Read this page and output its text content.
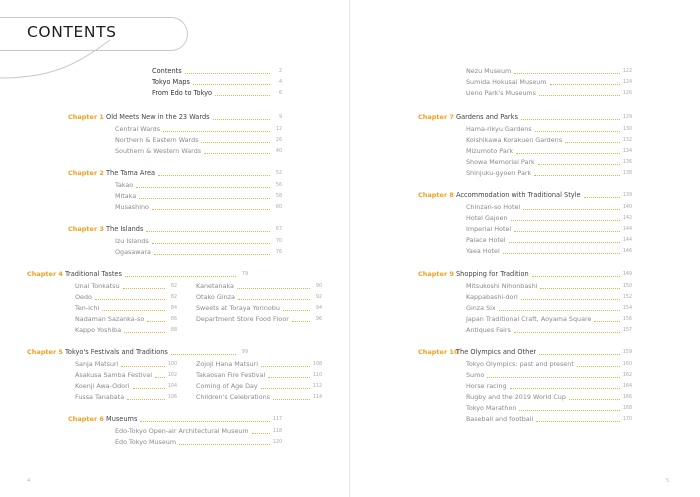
CONTENTS
Contents	2
Tokyo Maps	4
From Edo to Tokyo	6
Chapter 1 Old Meets New in the 23 Wards	9
Central Wards	12
Northern & Eastern Wards	26
Southern & Western Wards	40
Chapter 2 The Tama Area	52
Takao	56
Mitaka	58
Musashino	60
Chapter 3 The Islands	67
Izu Islands	70
Ogasawara	76
Chapter 4 Traditional Tastes	79
Unai Tonkatsu	82
Oedo	82
Ten-ichi	84
Nadaman Sazanka-so	86
Kappo Yoshiba	88
Kanetanaka	90
Otako Ginza	92
Sweets at Toraya Yorinobu	94
Department Store Food Floor	96
Chapter 5 Tokyo's Festivals and Traditions	99
Sanja Matsuri	100
Asakusa Samba Festival	102
Koenji Awa-Odori	104
Fussa Tanabata	106
Zojoji Hana Matsuri	108
Takaosan Fire Festival	110
Coming of Age Day	112
Children's Celebrations	114
Chapter 6 Museums	117
Edo-Tokyo Open-air Architectural Museum	118
Edo Tokyo Museum	120
Nezu Museum	122
Sumida Hokusai Museum	124
Ueno Park's Museums	126
Chapter 7 Gardens and Parks	129
Hama-rikyu Gardens	130
Koishikawa Korakuen Gardens	132
Mizumoto Park	134
Showa Memorial Park	136
Shinjuku-gyoen Park	138
Chapter 8 Accommodation with Traditional Style	139
Chinzan-so Hotel	140
Hotel Gajoen	142
Imperial Hotel	144
Palace Hotel	144
Yaea Hotel	146
Chapter 9 Shopping for Tradition	149
Mitsukoshi Nihonbashi	150
Kappabashi-dori	152
Ginza Six	154
Japan Traditional Craft, Aoyama Square	156
Antiques Fairs	157
Chapter 10
The Olympics and Other	159
Tokyo Olympics: past and present	160
Sumo	162
Horse racing	164
Rugby and the 2019 World Cup	166
Tokyo Marathon	168
Baseball and football	170
4	5
